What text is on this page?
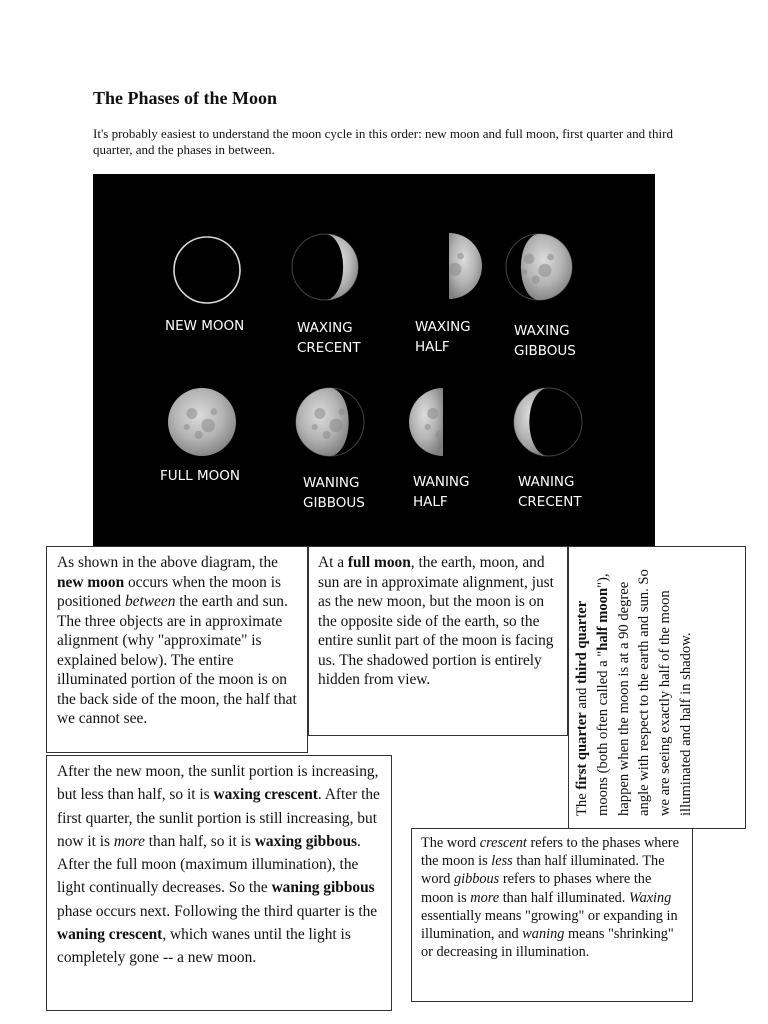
The Phases of the Moon

It's probably easiest to understand the moon cycle in this order: new moon and full moon, first quarter and third quarter, and the phases in between.

NEW MOON	WAXING
CRECENT
WAXING
HALF
WAXING
GIBBOUS
FULL MOON	WANING
GIBBOUS
WANING
HALF
WANING
CRECENT

As shown in the above diagram, the new moon occurs when the moon is positioned between the earth and sun. The three objects are in approximate alignment (why "approximate" is explained below). The entire illuminated portion of the moon is on the back side of the moon, the half that we cannot see.

At a full moon, the earth, moon, and sun are in approximate alignment, just as the new moon, but the moon is on the opposite side of the earth, so the entire sunlit part of the moon is facing us. The shadowed portion is entirely hidden from view.

The first quarter and third quarter moons (both often called a "half moon"), happen when the moon is at a 90 degree angle with respect to the earth and sun. So we are seeing exactly half of the moon illuminated and half in shadow.

After the new moon, the sunlit portion is increasing, but less than half, so it is waxing crescent. After the first quarter, the sunlit portion is still increasing, but now it is more than half, so it is waxing gibbous. After the full moon (maximum illumination), the light continually decreases. So the waning gibbous phase occurs next. Following the third quarter is the waning crescent, which wanes until the light is completely gone -- a new moon.

The word crescent refers to the phases where the moon is less than half illuminated. The word gibbous refers to phases where the moon is more than half illuminated. Waxing essentially means "growing" or expanding in illumination, and waning means "shrinking" or decreasing in illumination.
